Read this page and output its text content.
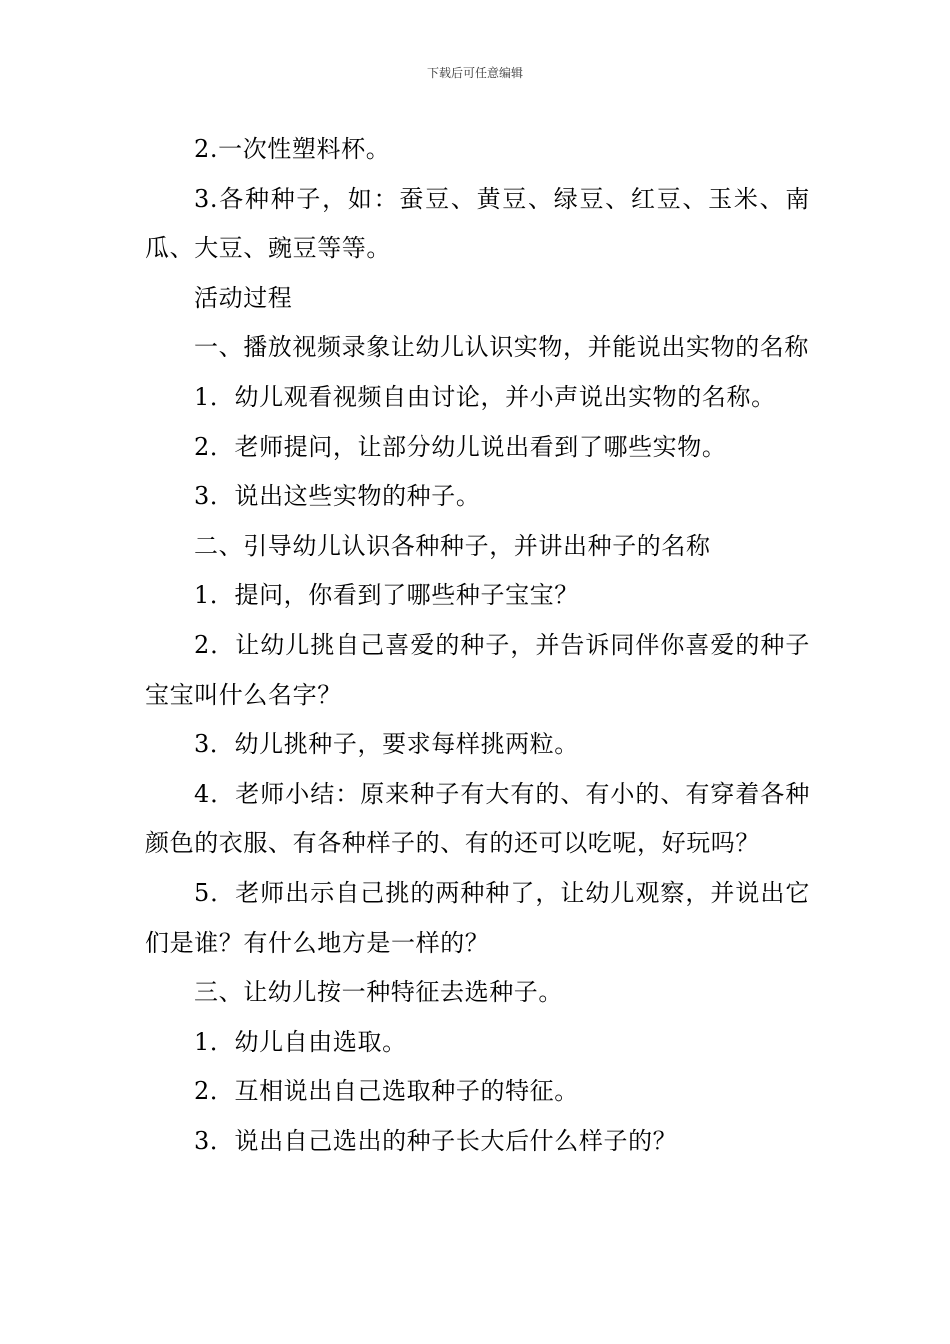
下载后可任意编辑

2.一次性塑料杯。

3.各种种子，如：蚕豆、黄豆、绿豆、红豆、玉米、南瓜、大豆、豌豆等等。

活动过程

一、播放视频录象让幼儿认识实物，并能说出实物的名称

1．幼儿观看视频自由讨论，并小声说出实物的名称。

2．老师提问，让部分幼儿说出看到了哪些实物。

3．说出这些实物的种子。

二、引导幼儿认识各种种子，并讲出种子的名称

1．提问，你看到了哪些种子宝宝？

2．让幼儿挑自己喜爱的种子，并告诉同伴你喜爱的种子宝宝叫什么名字？

3．幼儿挑种子，要求每样挑两粒。

4．老师小结：原来种子有大有的、有小的、有穿着各种颜色的衣服、有各种样子的、有的还可以吃呢，好玩吗？

5．老师出示自己挑的两种种了，让幼儿观察，并说出它们是谁？有什么地方是一样的？

三、让幼儿按一种特征去选种子。

1．幼儿自由选取。

2．互相说出自己选取种子的特征。

3．说出自己选出的种子长大后什么样子的？
